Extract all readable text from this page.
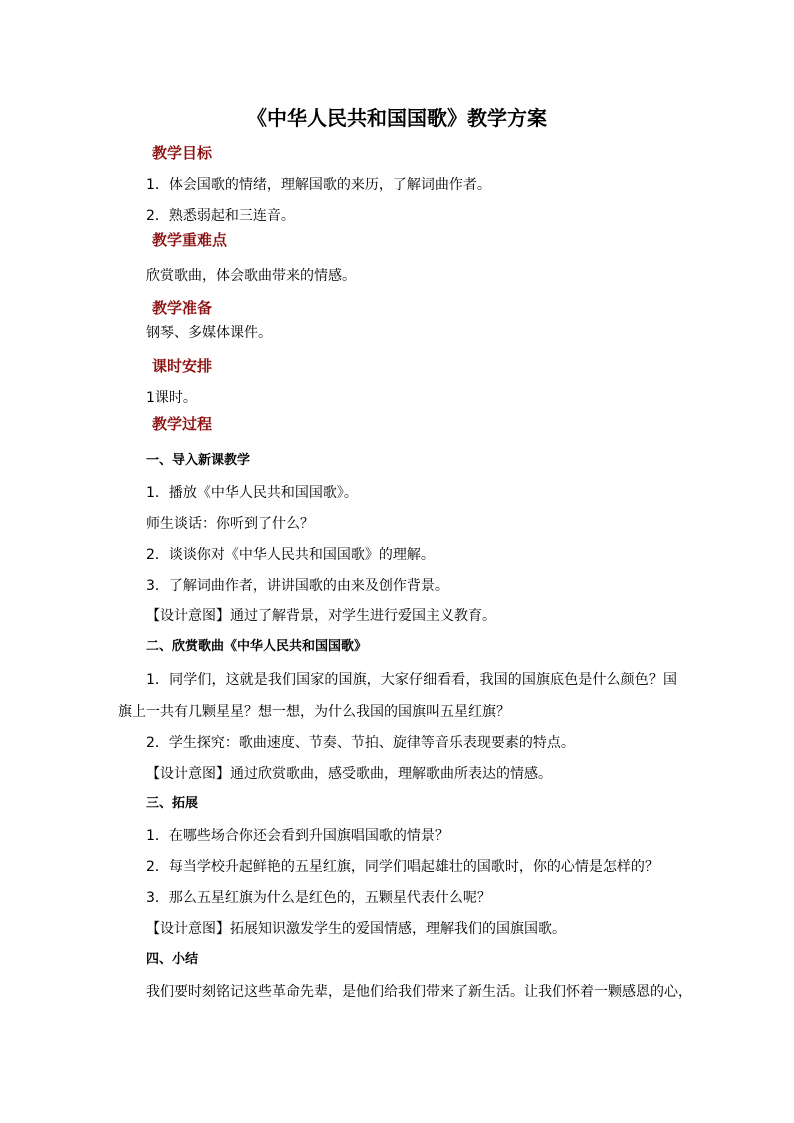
《中华人民共和国国歌》教学方案
教学目标
1．体会国歌的情绪，理解国歌的来历，了解词曲作者。
2．熟悉弱起和三连音。
教学重难点
欣赏歌曲，体会歌曲带来的情感。
教学准备
钢琴、多媒体课件。
课时安排
1课时。
教学过程
一、导入新课教学
1．播放《中华人民共和国国歌》。
师生谈话：你听到了什么？
2．谈谈你对《中华人民共和国国歌》的理解。
3．了解词曲作者，讲讲国歌的由来及创作背景。
【设计意图】通过了解背景，对学生进行爱国主义教育。
二、欣赏歌曲《中华人民共和国国歌》
1．同学们，这就是我们国家的国旗，大家仔细看看，我国的国旗底色是什么颜色？国
旗上一共有几颗星星？想一想，为什么我国的国旗叫五星红旗？
2．学生探究：歌曲速度、节奏、节拍、旋律等音乐表现要素的特点。
【设计意图】通过欣赏歌曲，感受歌曲，理解歌曲所表达的情感。
三、拓展
1．在哪些场合你还会看到升国旗唱国歌的情景？
2．每当学校升起鲜艳的五星红旗，同学们唱起雄壮的国歌时，你的心情是怎样的？
3．那么五星红旗为什么是红色的，五颗星代表什么呢？
【设计意图】拓展知识激发学生的爱国情感，理解我们的国旗国歌。
四、小结
我们要时刻铭记这些革命先辈，是他们给我们带来了新生活。让我们怀着一颗感恩的心，
